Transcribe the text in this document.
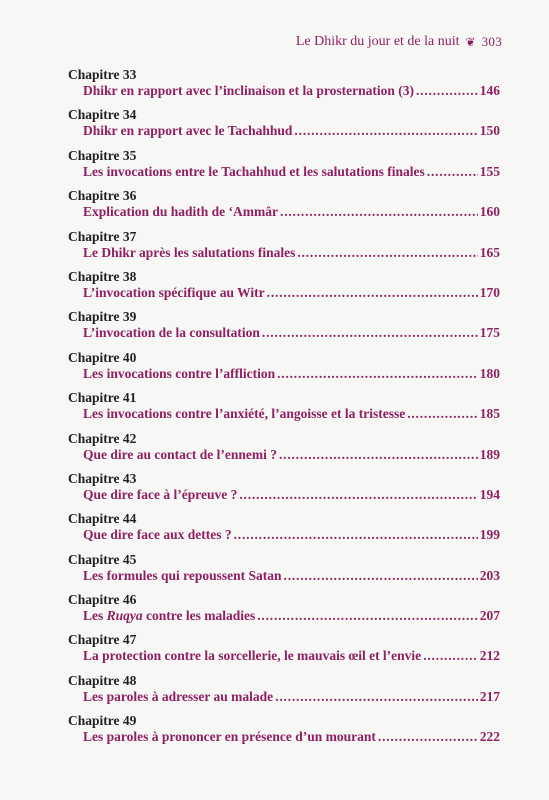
Le Dhikr du jour et de la nuit ❦ 303
Chapitre 33
Dhikr en rapport avec l’inclinaison et la prosternation (3) .....	146
Chapitre 34
Dhikr en rapport avec le Tachahhud .....	150
Chapitre 35
Les invocations entre le Tachahhud et les salutations finales .....	155
Chapitre 36
Explication du hadith de ‘Ammâr .....	160
Chapitre 37
Le Dhikr après les salutations finales .....	165
Chapitre 38
L’invocation spécifique au Witr .....	170
Chapitre 39
L’invocation de la consultation .....	175
Chapitre 40
Les invocations contre l’affliction .....	180
Chapitre 41
Les invocations contre l’anxiété, l’angoisse et la tristesse .....	185
Chapitre 42
Que dire au contact de l’ennemi ? .....	189
Chapitre 43
Que dire face à l’épreuve ? .....	194
Chapitre 44
Que dire face aux dettes ? .....	199
Chapitre 45
Les formules qui repoussent Satan .....	203
Chapitre 46
Les Ruqya contre les maladies .....	207
Chapitre 47
La protection contre la sorcellerie, le mauvais œil et l’envie .....	212
Chapitre 48
Les paroles à adresser au malade .....	217
Chapitre 49
Les paroles à prononcer en présence d’un mourant .....	222
